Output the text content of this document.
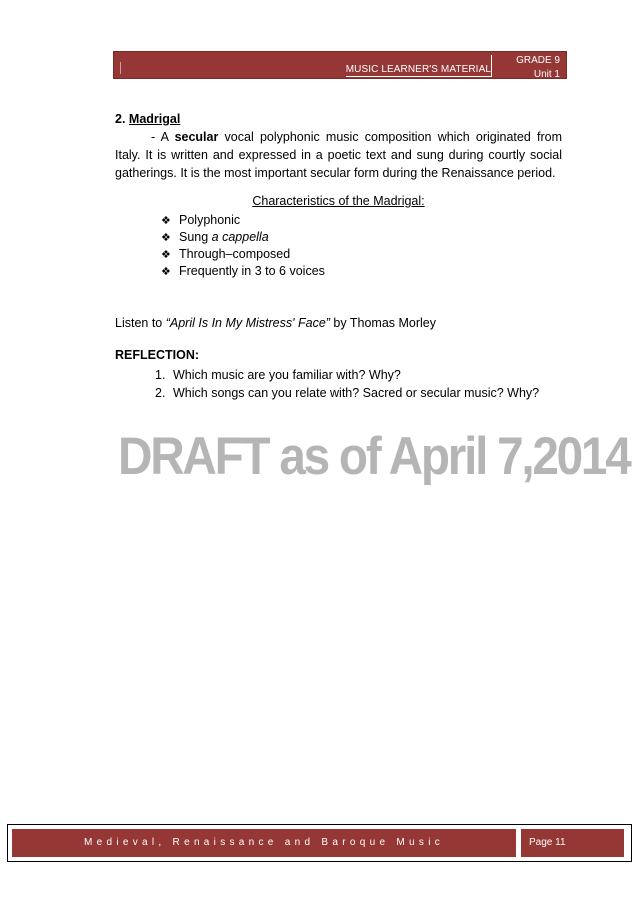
MUSIC LEARNER'S MATERIAL
GRADE 9
Unit 1

2. Madrigal

- A secular vocal polyphonic music composition which originated from Italy. It is written and expressed in a poetic text and sung during courtly social gatherings. It is the most important secular form during the Renaissance period.

Characteristics of the Madrigal:

❖ Polyphonic
❖ Sung a cappella
❖ Through–composed
❖ Frequently in 3 to 6 voices

Listen to “April Is In My Mistress' Face” by Thomas Morley

REFLECTION:

1. Which music are you familiar with? Why?
2. Which songs can you relate with? Sacred or secular music? Why?
DRAFT as of April 7,2014
Medieval, Renaissance and Baroque Music	Page 11
